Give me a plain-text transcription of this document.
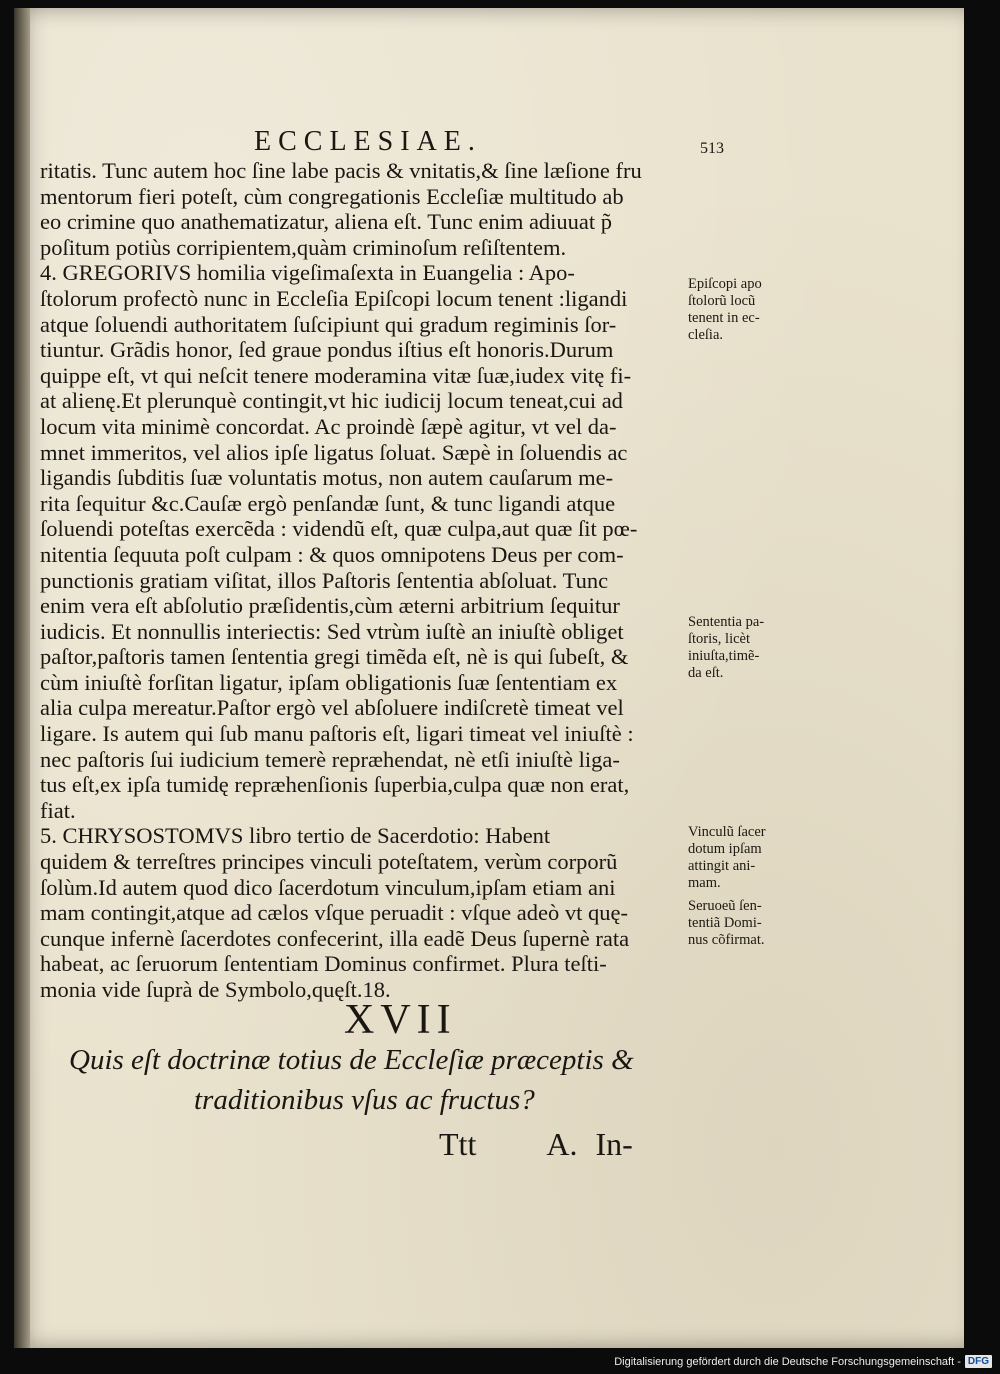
ECCLESIAE.	513
ritatis. Tunc autem hoc ſine labe pacis & vnitatis,& ſine læſione fru
mentorum fieri poteſt, cùm congregationis Eccleſiæ multitudo ab
eo crimine quo anathematizatur, aliena eſt. Tunc enim adiuuat p̃
poſitum potiùs corripientem,quàm criminoſum reſiſtentem.
4. GREGORIVS homilia vigeſimaſexta in Euangelia : Apo-
ſtolorum profectò nunc in Eccleſia Epiſcopi locum tenent :ligandi
atque ſoluendi authoritatem ſuſcipiunt qui gradum regiminis ſor-
tiuntur. Grãdis honor, ſed graue pondus iſtius eſt honoris.Durum
quippe eſt, vt qui neſcit tenere moderamina vitæ ſuæ,iudex vitę fi-
at alienę.Et plerunquè contingit,vt hic iudicij locum teneat,cui ad
locum vita minimè concordat. Ac proindè ſæpè agitur, vt vel da-
mnet immeritos, vel alios ipſe ligatus ſoluat. Sæpè in ſoluendis ac
ligandis ſubditis ſuæ voluntatis motus, non autem cauſarum me-
rita ſequitur &c.Cauſæ ergò penſandæ ſunt, & tunc ligandi atque
ſoluendi poteſtas exercẽda : videndũ eſt, quæ culpa,aut quæ ſit pœ-
nitentia ſequuta poſt culpam : & quos omnipotens Deus per com-
punctionis gratiam viſitat, illos Paſtoris ſententia abſoluat. Tunc
enim vera eſt abſolutio præſidentis,cùm æterni arbitrium ſequitur
iudicis. Et nonnullis interiectis: Sed vtrùm iuſtè an iniuſtè obliget
paſtor,paſtoris tamen ſententia gregi timẽda eſt, nè is qui ſubeſt, &
cùm iniuſtè forſitan ligatur, ipſam obligationis ſuæ ſententiam ex
alia culpa mereatur.Paſtor ergò vel abſoluere indiſcretè timeat vel
ligare. Is autem qui ſub manu paſtoris eſt, ligari timeat vel iniuſtè :
nec paſtoris ſui iudicium temerè repræhendat, nè etſi iniuſtè liga-
tus eſt,ex ipſa tumidę repræhenſionis ſuperbia,culpa quæ non erat,
fiat.
5. CHRYSOSTOMVS libro tertio de Sacerdotio: Habent
quidem & terreſtres principes vinculi poteſtatem, verùm corporũ
ſolùm.Id autem quod dico ſacerdotum vinculum,ipſam etiam ani
mam contingit,atque ad cælos vſque peruadit : vſque adeò vt quę-
cunque infernè ſacerdotes confecerint, illa eadẽ Deus ſupernè rata
habeat, ac ſeruorum ſententiam Dominus confirmet. Plura teſti-
monia vide ſuprà de Symbolo,quęſt.18.
Epiſcopi apo
ſtolorũ locũ
tenent in ec-
cleſia.
Sententia pa-
ſtoris, licèt
iniuſta,timẽ-
da eſt.
Vinculũ ſacer
dotum ipſam
attingit ani-
mam.
Seruoeũ ſen-
tentiã Domi-
nus cõfirmat.
XVII
Quis eſt doctrinæ totius de Eccleſiæ præceptis &
traditionibus vſus ac fructus?
Ttt A. In-
Digitalisierung gefördert durch die Deutsche Forschungsgemeinschaft - DFG
